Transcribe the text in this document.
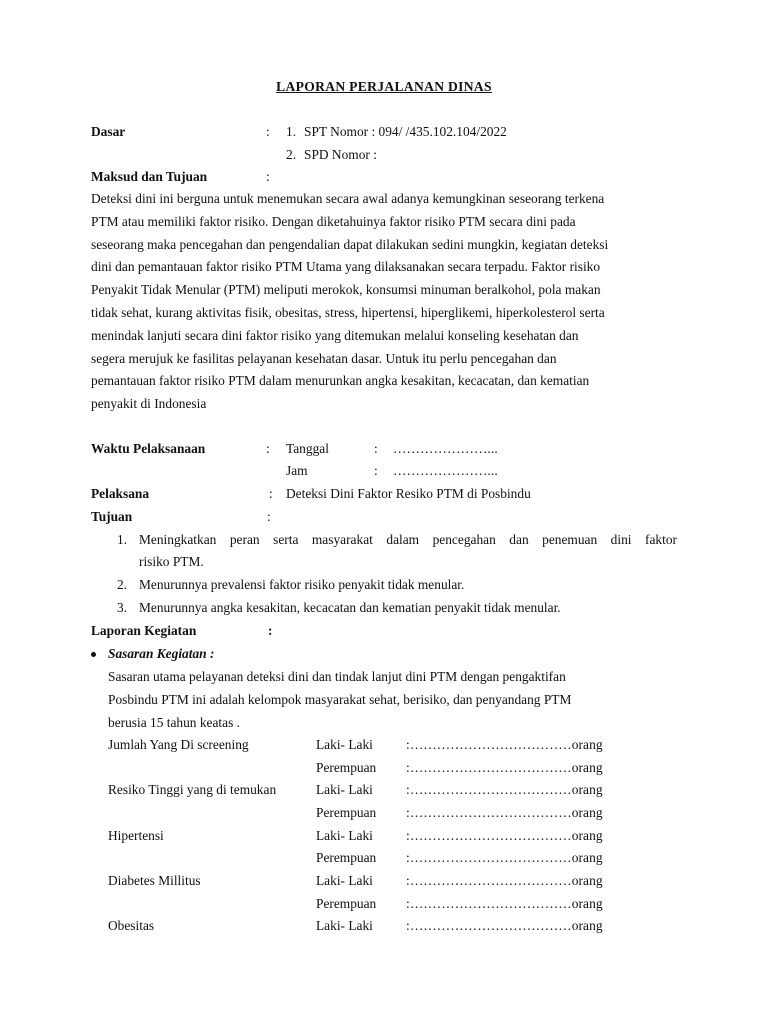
LAPORAN PERJALANAN DINAS
Dasar	: 1. SPT Nomor : 094/ /435.102.104/2022
2. SPD Nomor :
Maksud dan Tujuan	:
Deteksi dini ini berguna untuk menemukan secara awal adanya kemungkinan seseorang terkena
PTM atau memiliki faktor risiko. Dengan diketahuinya faktor risiko PTM secara dini pada
seseorang maka pencegahan dan pengendalian dapat dilakukan sedini mungkin, kegiatan deteksi
dini dan pemantauan faktor risiko PTM Utama yang dilaksanakan secara terpadu. Faktor risiko
Penyakit Tidak Menular (PTM) meliputi merokok, konsumsi minuman beralkohol, pola makan
tidak sehat, kurang aktivitas fisik, obesitas, stress, hipertensi, hiperglikemi, hiperkolesterol serta
menindak lanjuti secara dini faktor risiko yang ditemukan melalui konseling kesehatan dan
segera merujuk ke fasilitas pelayanan kesehatan dasar. Untuk itu perlu pencegahan dan
pemantauan faktor risiko PTM dalam menurunkan angka kesakitan, kecacatan, dan kematian
penyakit di Indonesia
Waktu Pelaksanaan	: Tanggal	: …………………...
Jam	: …………………...
Pelaksana	: Deteksi Dini Faktor Resiko PTM di Posbindu
Tujuan	:
1. Meningkatkan peran serta masyarakat dalam pencegahan dan penemuan dini faktor
risiko PTM.
2. Menurunnya prevalensi faktor risiko penyakit tidak menular.
3. Menurunnya angka kesakitan, kecacatan dan kematian penyakit tidak menular.
Laporan Kegiatan	:
Sasaran Kegiatan :
Sasaran utama pelayanan deteksi dini dan tindak lanjut dini PTM dengan pengaktifan
Posbindu PTM ini adalah kelompok masyarakat sehat, berisiko, dan penyandang PTM
berusia 15 tahun keatas .
Jumlah Yang Di screening	Laki- Laki :………………………………orang
Perempuan :………………………………orang
Resiko Tinggi yang di temukan	Laki- Laki :………………………………orang
Perempuan :………………………………orang
Hipertensi	Laki- Laki :………………………………orang
Perempuan :………………………………orang
Diabetes Millitus	Laki- Laki :………………………………orang
Perempuan :………………………………orang
Obesitas	Laki- Laki :………………………………orang
